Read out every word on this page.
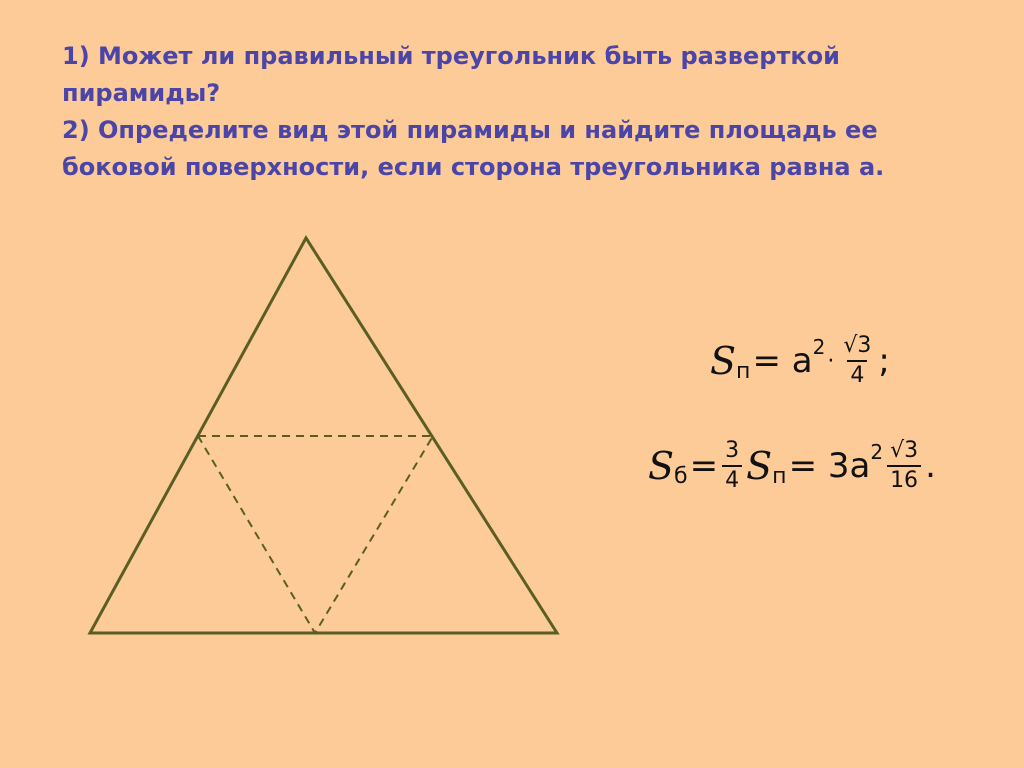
1) Может ли правильный треугольник быть разверткой
пирамиды?
2) Определите вид этой пирамиды и найдите площадь ее
боковой поверхности, если сторона треугольника равна а.
S п = a 2
· $\frac{√3}{4}$ ;
S $б = \frac{3}{4}$ S п = 3a $2 \frac{√3}{16}$ .
